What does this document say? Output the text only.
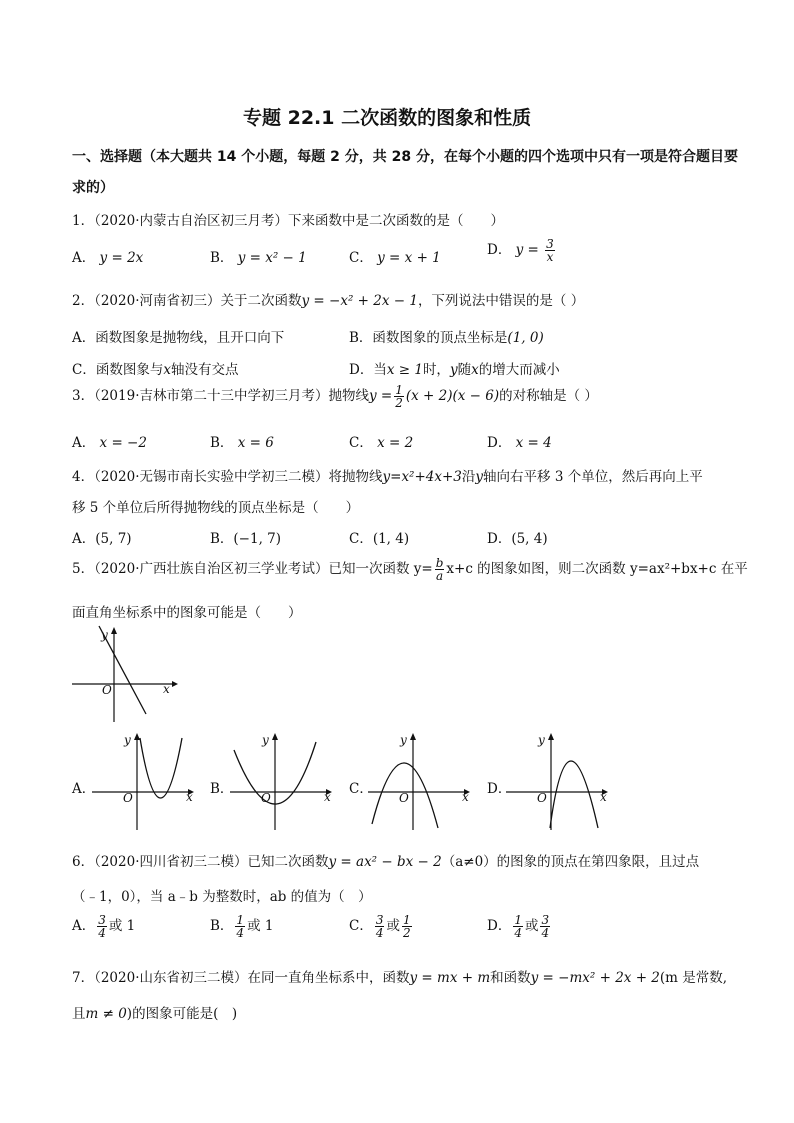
专题 22.1 二次函数的图象和性质
一、选择题（本大题共 14 个小题，每题 2 分，共 28 分，在每个小题的四个选项中只有一项是符合题目要
求的）
1．（2020·内蒙古自治区初三月考）下来函数中是二次函数的是（　　）
A． y = 2x	B． y = x² − 1	C． y = x + 1	D． $y = \frac{3}{x}$
2．（2020·河南省初三）关于二次函数y = −x² + 2x − 1，下列说法中错误的是（ ）
A．函数图象是抛物线，且开口向下	B．函数图象的顶点坐标是(1, 0)
C．函数图象与x轴没有交点	D．当x ≥ 1时，y随x的增大而减小
3．（2019·吉林市第二十三中学初三月考）抛物线$y = \frac{1}{2} (x + 2)(x - 6)$的对称轴是（ ）
A． x = −2	B． x = 6	C． x = 2	D． x = 4
4．（2020·无锡市南长实验中学初三二模）将抛物线y=x²+4x+3沿y轴向右平移 3 个单位，然后再向上平
移 5 个单位后所得抛物线的顶点坐标是（　　）
A．(5, 7)	B．(−1, 7)	C．(1, 4)	D．(5, 4)
5．（2020·广西壮族自治区初三学业考试）已知一次函数 $y= \frac{b}{a} x+c$ 的图象如图，则二次函数 y=ax²+bx+c 在平
面直角坐标系中的图象可能是（　　）
y
x
O
A．
y
x
O
B．
y
x
O
C．
y
x
O
D．
y
x
O
6．（2020·四川省初三二模）已知二次函数y = ax² − bx − 2（a≠0）的图象的顶点在第四象限，且过点
（﹣1，0），当 a﹣b 为整数时，ab 的值为（　）
A． $\frac{3}{4}$ 或 1	B． $\frac{1}{4}$ 或 1	C． $\frac{3}{4}$ 或 $\frac{1}{2}$	D． $\frac{1}{4}$ 或 $\frac{3}{4}$
7．（2020·山东省初三二模）在同一直角坐标系中，函数y = mx + m和函数y = −mx² + 2x + 2(m 是常数,
且m ≠ 0)的图象可能是(　)
